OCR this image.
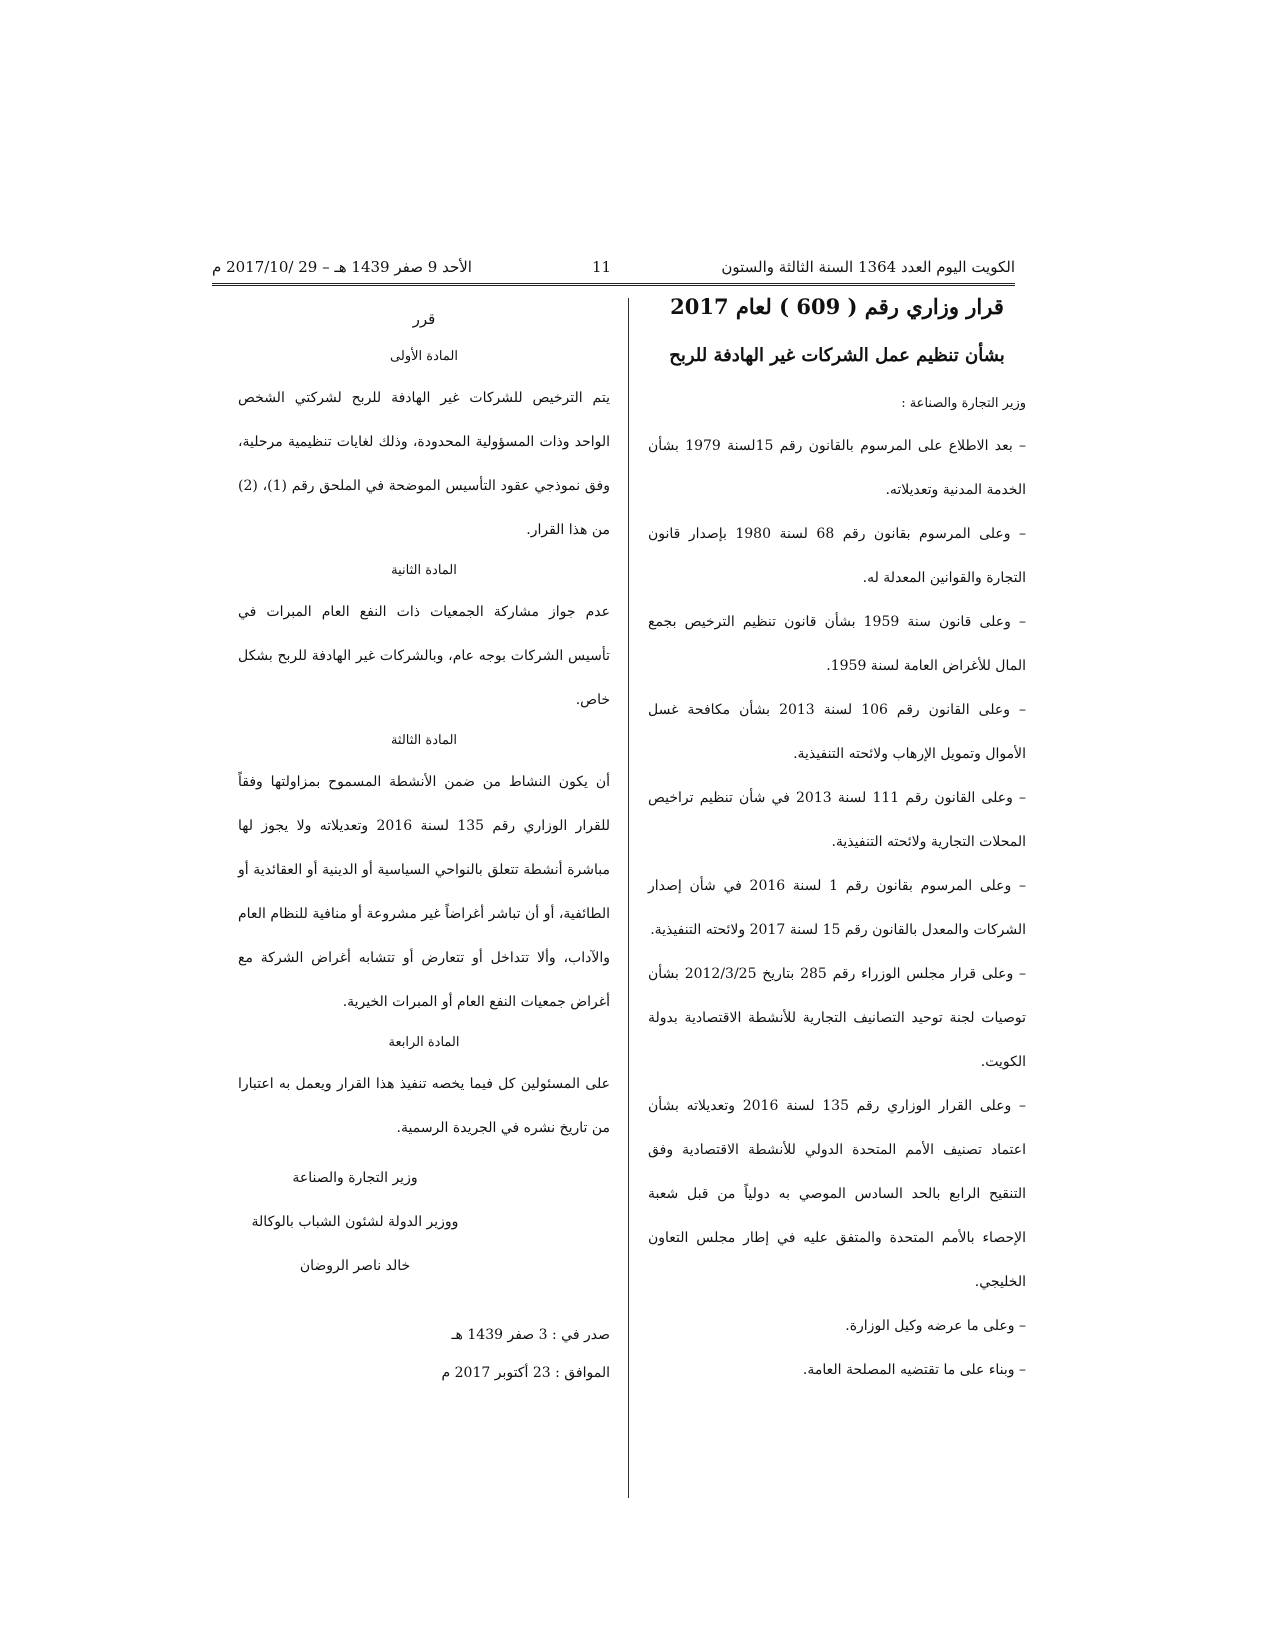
الكويت اليوم العدد 1364 السنة الثالثة والستون
11
الأحد 9 صفر 1439 هـ – 29 /2017/10 م

قرار وزاري رقم ( 609 ) لعام 2017

بشأن تنظيم عمل الشركات غير الهادفة للربح

وزير التجارة والصناعة :

– بعد الاطلاع على المرسوم بالقانون رقم 15لسنة 1979 بشأن الخدمة المدنية وتعديلاته.

– وعلى المرسوم بقانون رقم 68 لسنة 1980 بإصدار قانون التجارة والقوانين المعدلة له.

– وعلى قانون سنة 1959 بشأن قانون تنظيم الترخيص بجمع المال للأغراض العامة لسنة 1959.

– وعلى القانون رقم 106 لسنة 2013 بشأن مكافحة غسل الأموال وتمويل الإرهاب ولائحته التنفيذية.

– وعلى القانون رقم 111 لسنة 2013 في شأن تنظيم تراخيص المحلات التجارية ولائحته التنفيذية.

– وعلى المرسوم بقانون رقم 1 لسنة 2016 في شأن إصدار الشركات والمعدل بالقانون رقم 15 لسنة 2017 ولائحته التنفيذية.

– وعلى قرار مجلس الوزراء رقم 285 بتاريخ 2012/3/25 بشأن توصيات لجنة توحيد التصانيف التجارية للأنشطة الاقتصادية بدولة الكويت.

– وعلى القرار الوزاري رقم 135 لسنة 2016 وتعديلاته بشأن اعتماد تصنيف الأمم المتحدة الدولي للأنشطة الاقتصادية وفق التنقيح الرابع بالحد السادس الموصي به دولياً من قبل شعبة الإحصاء بالأمم المتحدة والمتفق عليه في إطار مجلس التعاون الخليجي.

– وعلى ما عرضه وكيل الوزارة.

– وبناء على ما تقتضيه المصلحة العامة.

قرر

المادة الأولى

يتم الترخيص للشركات غير الهادفة للربح لشركتي الشخص الواحد وذات المسؤولية المحدودة، وذلك لغايات تنظيمية مرحلية، وفق نموذجي عقود التأسيس الموضحة في الملحق رقم (1)، (2) من هذا القرار.

المادة الثانية

عدم جواز مشاركة الجمعيات ذات النفع العام المبرات في تأسيس الشركات بوجه عام، وبالشركات غير الهادفة للربح بشكل خاص.

المادة الثالثة

أن يكون النشاط من ضمن الأنشطة المسموح بمزاولتها وفقاً للقرار الوزاري رقم 135 لسنة 2016 وتعديلاته ولا يجوز لها مباشرة أنشطة تتعلق بالنواحي السياسية أو الدينية أو العقائدية أو الطائفية، أو أن تباشر أغراضاً غير مشروعة أو منافية للنظام العام والآداب، وألا تتداخل أو تتعارض أو تتشابه أغراض الشركة مع أغراض جمعيات النفع العام أو المبرات الخيرية.

المادة الرابعة

على المسئولين كل فيما يخصه تنفيذ هذا القرار ويعمل به اعتبارا من تاريخ نشره في الجريدة الرسمية.

وزير التجارة والصناعة

ووزير الدولة لشئون الشباب بالوكالة

خالد ناصر الروضان

صدر في : 3 صفر 1439 هـ

الموافق : 23 أكتوبر 2017 م
